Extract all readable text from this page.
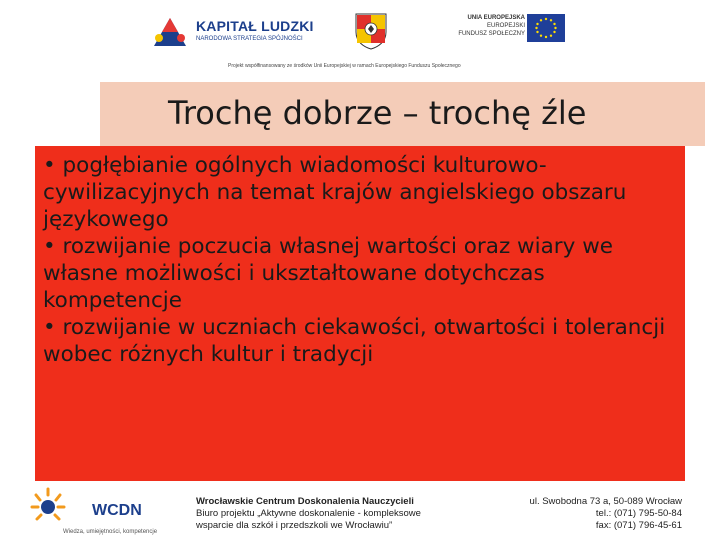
KAPITAŁ LUDZKI
NARODOWA STRATEGIA SPÓJNOŚCI
UNIA EUROPEJSKA
EUROPEJSKI
FUNDUSZ SPOŁECZNY
Projekt współfinansowany ze środków Unii Europejskiej w ramach Europejskiego Funduszu Społecznego
Trochę dobrze – trochę źle

• pogłębianie ogólnych wiadomości kulturowo-cywilizacyjnych na temat krajów angielskiego obszaru językowego

• rozwijanie poczucia własnej wartości oraz wiary we własne możliwości i ukształtowane dotychczas kompetencje

• rozwijanie w uczniach ciekawości, otwartości i tolerancji wobec różnych kultur i tradycji

WCDN
Wiedza, umiejętności, kompetencje
Wrocławskie Centrum Doskonalenia Nauczycieli
Biuro projektu „Aktywne doskonalenie - kompleksowe
wsparcie dla szkół i przedszkoli we Wrocławiu”
ul. Swobodna 73 a, 50-089 Wrocław
tel.: (071) 795-50-84
fax: (071) 796-45-61
